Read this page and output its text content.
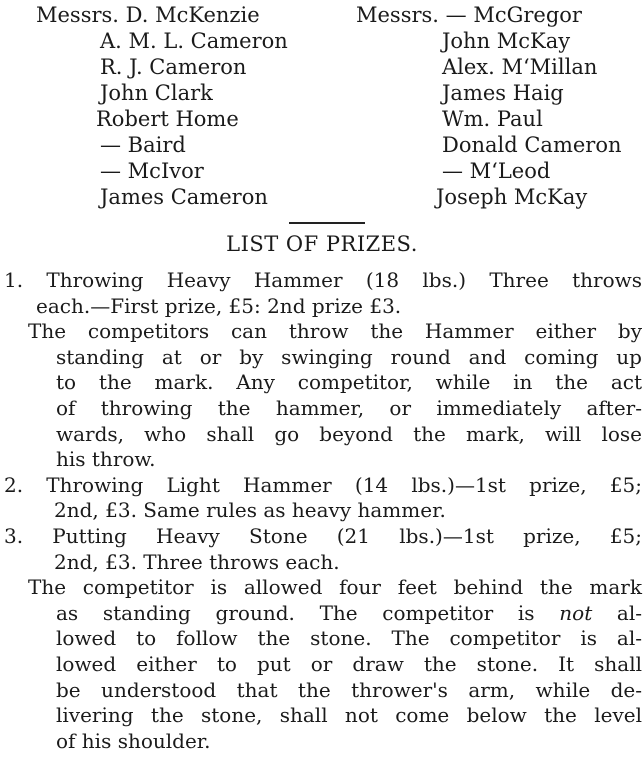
Messrs. D. McKenzie
A. M. L. Cameron
R. J. Cameron
John Clark
Robert Home
— Baird
— McIvor
James Cameron
Messrs. — McGregor
John McKay
Alex. M‘Millan
James Haig
Wm. Paul
Donald Cameron
— M‘Leod
Joseph McKay
LIST OF PRIZES.
1. Throwing Heavy Hammer (18 lbs.) Three throws
each.—First prize, £5: 2nd prize £3.
The competitors can throw the Hammer either by
standing at or by swinging round and coming up
to the mark. Any competitor, while in the act
of throwing the hammer, or immediately after-
wards, who shall go beyond the mark, will lose
his throw.
2. Throwing Light Hammer (14 lbs.)—1st prize, £5;
2nd, £3. Same rules as heavy hammer.
3. Putting Heavy Stone (21 lbs.)—1st prize, £5;
2nd, £3. Three throws each.
The competitor is allowed four feet behind the mark
as standing ground. The competitor is not al-
lowed to follow the stone. The competitor is al-
lowed either to put or draw the stone. It shall
be understood that the thrower's arm, while de-
livering the stone, shall not come below the level
of his shoulder.
